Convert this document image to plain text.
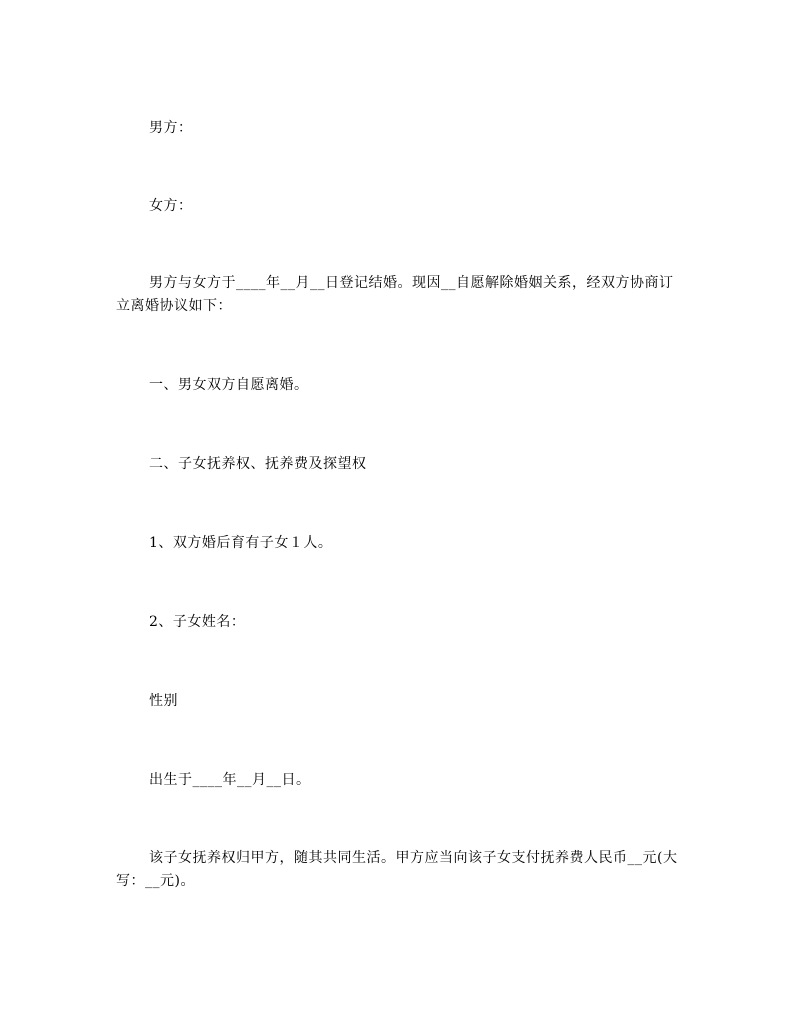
男方：

女方：

男方与女方于____年__月__日登记结婚。现因__自愿解除婚姻关系，经双方协商订立离婚协议如下：

一、男女双方自愿离婚。

二、子女抚养权、抚养费及探望权

1、双方婚后育有子女１人。

2、子女姓名：

性别

出生于____年__月__日。

该子女抚养权归甲方，随其共同生活。甲方应当向该子女支付抚养费人民币__元(大写：__元)。
